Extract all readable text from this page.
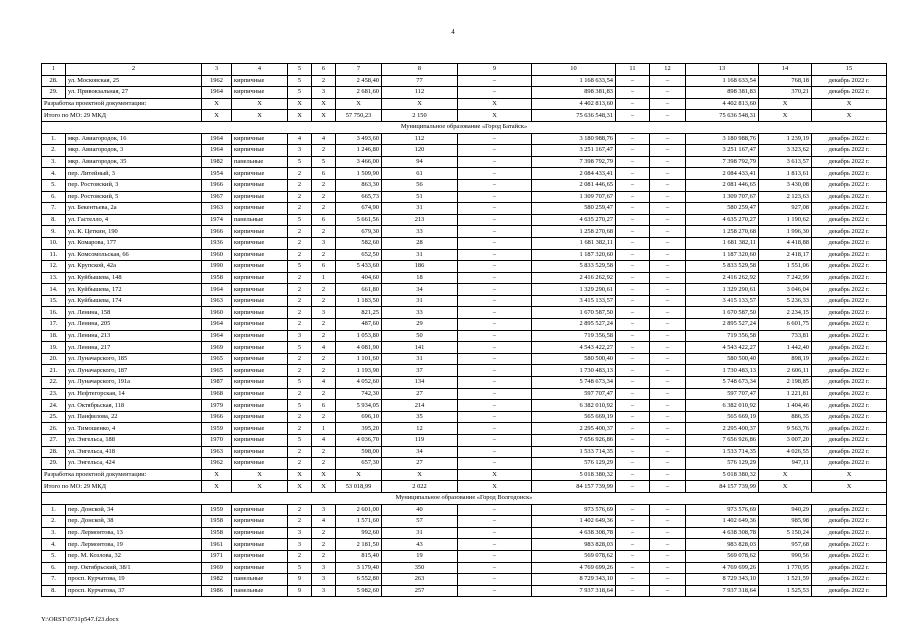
4
1	2	3	4	5	6	7	8	9	10	11	12	13	14	15
28.	ул. Московская, 25	1962	кирпичные	5	2	2 458,40	77	–	1 168 633,54	–	–	1 168 633,54	768,18	декабрь 2022 г.
29.	ул. Привокзальная, 27	1964	кирпичные	5	3	2 681,60	112	–	898 381,83	–	–	898 381,83	370,21	декабрь 2022 г.
Разработка проектной документации:		X	X	X	X	X	X	X	4 402 813,60	–	–	4 402 813,60	X	X
Итого по МО: 29 МКД		X	X	X	X	57 750,23	2 150	X	75 636 548,31	–	–	75 636 548,31	X	X
Муниципальное образование «Город Батайск»														
1.	мкр. Авиагородок, 16	1964	кирпичные	4	4	3 493,60	112	–	3 180 988,76	–	–	3 180 988,76	1 239,19	декабрь 2022 г.
2.	мкр. Авиагородок, 3	1964	кирпичные	3	2	1 246,80	120	–	3 251 167,47	–	–	3 251 167,47	3 323,62	декабрь 2022 г.
3.	мкр. Авиагородок, 35	1982	панельные	5	5	3 466,00	94	–	7 398 792,79	–	–	7 398 792,79	3 613,57	декабрь 2022 г.
4.	пер. Литейный, 3	1954	кирпичные	2	6	1 509,90	61	–	2 084 433,41	–	–	2 084 433,41	1 813,61	декабрь 2022 г.
5.	пер. Ростовский, 3	1966	кирпичные	2	2	863,30	56	–	2 081 446,65	–	–	2 081 446,65	3 430,08	декабрь 2022 г.
6.	пер. Ростовский, 5	1967	кирпичные	2	2	665,73	51	–	1 309 707,67	–	–	1 309 707,67	2 123,63	декабрь 2022 г.
7.	ул. Бекентьева, 2а	1963	кирпичные	2	2	674,90	31	–	580 259,47	–	–	580 259,47	927,08	декабрь 2022 г.
8.	ул. Гастелло, 4	1974	панельные	5	6	5 661,56	213	–	4 635 270,27	–	–	4 635 270,27	1 190,62	декабрь 2022 г.
9.	ул. К. Цеткин, 190	1966	кирпичные	2	2	679,30	33	–	1 258 270,68	–	–	1 258 270,68	1 996,30	декабрь 2022 г.
10.	ул. Комарова, 177	1936	кирпичные	2	3	582,60	28	–	1 681 382,11	–	–	1 681 382,11	4 418,88	декабрь 2022 г.
11.	ул. Комсомольская, 66	1960	кирпичные	2	2	652,50	31	–	1 187 320,60	–	–	1 187 320,60	2 418,17	декабрь 2022 г.
12.	ул. Крупской, 42а	1990	кирпичные	5	6	5 433,60	186	–	5 833 529,58	–	–	5 833 529,58	1 551,06	декабрь 2022 г.
13.	ул. Куйбышева, 148	1958	кирпичные	2	1	404,60	18	–	2 416 262,92	–	–	2 416 262,92	7 242,99	декабрь 2022 г.
14.	ул. Куйбышева, 172	1964	кирпичные	2	2	661,80	34	–	1 329 290,61	–	–	1 329 290,61	3 046,04	декабрь 2022 г.
15.	ул. Куйбышева, 174	1963	кирпичные	2	2	1 183,50	31	–	3 415 133,57	–	–	3 415 133,57	5 236,33	декабрь 2022 г.
16.	ул. Ленина, 158	1960	кирпичные	2	3	821,25	33	–	1 670 587,50	–	–	1 670 587,50	2 234,15	декабрь 2022 г.
17.	ул. Ленина, 205	1964	кирпичные	2	2	487,60	29	–	2 895 527,24	–	–	2 895 527,24	6 601,75	декабрь 2022 г.
18.	ул. Ленина, 213	1964	кирпичные	3	2	1 053,80	50	–	719 356,58	–	–	719 356,58	733,81	декабрь 2022 г.
19.	ул. Ленина, 217	1969	кирпичные	5	4	4 081,90	141	–	4 543 422,27	–	–	4 543 422,27	1 442,40	декабрь 2022 г.
20.	ул. Луначарского, 185	1965	кирпичные	2	2	1 101,60	31	–	580 500,40	–	–	580 500,40	898,19	декабрь 2022 г.
21.	ул. Луначарского, 187	1965	кирпичные	2	2	1 193,90	37	–	1 730 483,13	–	–	1 730 483,13	2 606,11	декабрь 2022 г.
22.	ул. Луначарского, 191а	1987	кирпичные	5	4	4 052,60	134	–	5 748 673,34	–	–	5 748 673,34	2 198,85	декабрь 2022 г.
23.	ул. Нефтегорская, 14	1968	кирпичные	2	2	742,30	27	–	597 707,47	–	–	597 707,47	1 221,81	декабрь 2022 г.
24.	ул. Октябрьская, 118	1979	кирпичные	5	6	5 934,05	214	–	6 382 010,92	–	–	6 382 010,92	1 404,46	декабрь 2022 г.
25.	ул. Панфилова, 22	1966	кирпичные	2	2	696,10	35	–	565 669,19	–	–	565 669,19	886,35	декабрь 2022 г.
26.	ул. Тимошенко, 4	1959	кирпичные	2	1	395,20	12	–	2 295 400,37	–	–	2 295 400,37	9 563,76	декабрь 2022 г.
27.	ул. Энгельса, 188	1970	кирпичные	5	4	4 036,70	119	–	7 656 926,86	–	–	7 656 926,86	3 007,20	декабрь 2022 г.
28.	ул. Энгельса, 418	1963	кирпичные	2	2	598,00	34	–	1 533 714,35	–	–	1 533 714,35	4 026,55	декабрь 2022 г.
29.	ул. Энгельса, 424	1962	кирпичные	2	2	657,30	27	–	576 129,29	–	–	576 129,29	947,11	декабрь 2022 г.
Разработка проектной документации:		X	X	X	X	X	X	X	5 018 380,32	–	–	5 018 380,32	X	X
Итого по МО: 29 МКД		X	X	X	X	53 018,99	2 022	X	84 157 739,99	–	–	84 157 739,99	X	X
Муниципальное образование «Город Волгодонск»														
1.	пер. Донской, 34	1959	кирпичные	2	3	2 601,00	40	–	973 576,69	–	–	973 576,69	940,29	декабрь 2022 г.
2.	пер. Донской, 38	1958	кирпичные	2	4	1 571,60	57	–	1 402 649,36	–	–	1 402 649,36	985,98	декабрь 2022 г.
3.	пер. Лермонтова, 13	1958	кирпичные	3	2	992,60	31	–	4 638 308,78	–	–	4 638 308,78	5 150,24	декабрь 2022 г.
4.	пер. Лермонтова, 19	1961	кирпичные	3	2	2 181,50	43	–	983 828,03	–	–	983 828,03	957,68	декабрь 2022 г.
5.	пер. М. Козлова, 32	1971	кирпичные	2	2	815,40	19	–	569 078,62	–	–	569 078,62	990,56	декабрь 2022 г.
6.	пер. Октябрьский, 38/1	1969	кирпичные	5	3	3 179,40	350	–	4 769 699,26	–	–	4 769 699,26	1 770,95	декабрь 2022 г.
7.	просп. Курчатова, 19	1982	панельные	9	3	6 552,80	263	–	8 729 343,10	–	–	8 729 343,10	1 521,59	декабрь 2022 г.
8.	просп. Курчатова, 37	1986	панельные	9	3	5 982,60	257	–	7 937 318,64	–	–	7 937 318,64	1 525,53	декабрь 2022 г.
Y:\ORST\0731p547.f23.docx
